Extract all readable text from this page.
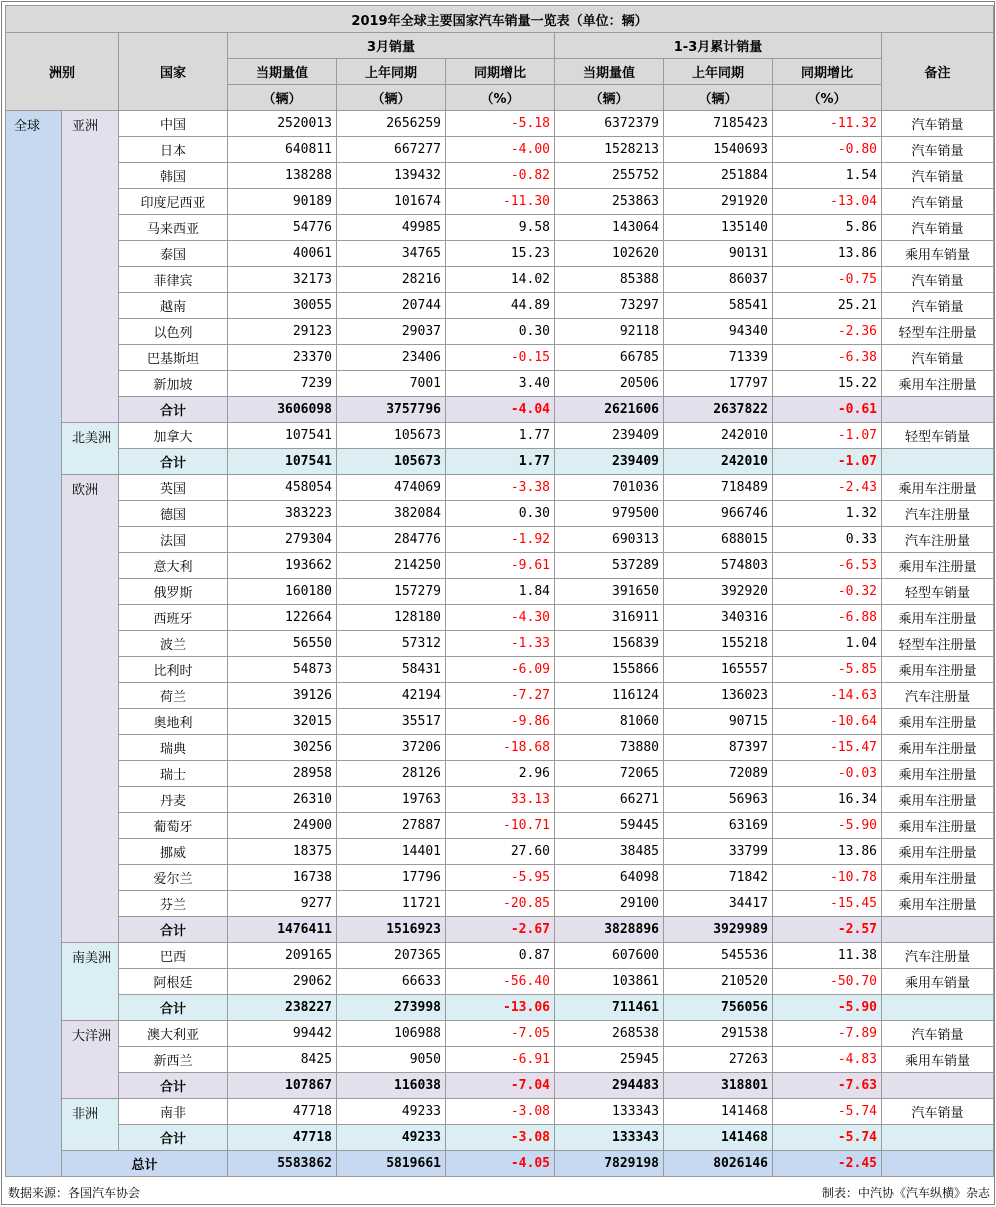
2019年全球主要国家汽车销量一览表（单位：辆）									
洲别		国家	3月销量			1-3月累计销量			备注
			当期量值	上年同期	同期增比	当期量值	上年同期	同期增比	
			（辆）	（辆）	（%）	（辆）	（辆）	（%）	
全球	亚洲	中国	2520013	2656259	-5.18	6372379	7185423	-11.32	汽车销量
		日本	640811	667277	-4.00	1528213	1540693	-0.80	汽车销量
		韩国	138288	139432	-0.82	255752	251884	1.54	汽车销量
		印度尼西亚	90189	101674	-11.30	253863	291920	-13.04	汽车销量
		马来西亚	54776	49985	9.58	143064	135140	5.86	汽车销量
		泰国	40061	34765	15.23	102620	90131	13.86	乘用车销量
		菲律宾	32173	28216	14.02	85388	86037	-0.75	汽车销量
		越南	30055	20744	44.89	73297	58541	25.21	汽车销量
		以色列	29123	29037	0.30	92118	94340	-2.36	轻型车注册量
		巴基斯坦	23370	23406	-0.15	66785	71339	-6.38	汽车销量
		新加坡	7239	7001	3.40	20506	17797	15.22	乘用车注册量
		合计	3606098	3757796	-4.04	2621606	2637822	-0.61	
	北美洲	加拿大	107541	105673	1.77	239409	242010	-1.07	轻型车销量
		合计	107541	105673	1.77	239409	242010	-1.07	
	欧洲	英国	458054	474069	-3.38	701036	718489	-2.43	乘用车注册量
		德国	383223	382084	0.30	979500	966746	1.32	汽车注册量
		法国	279304	284776	-1.92	690313	688015	0.33	汽车注册量
		意大利	193662	214250	-9.61	537289	574803	-6.53	乘用车注册量
		俄罗斯	160180	157279	1.84	391650	392920	-0.32	轻型车销量
		西班牙	122664	128180	-4.30	316911	340316	-6.88	乘用车注册量
		波兰	56550	57312	-1.33	156839	155218	1.04	轻型车注册量
		比利时	54873	58431	-6.09	155866	165557	-5.85	乘用车注册量
		荷兰	39126	42194	-7.27	116124	136023	-14.63	汽车注册量
		奥地利	32015	35517	-9.86	81060	90715	-10.64	乘用车注册量
		瑞典	30256	37206	-18.68	73880	87397	-15.47	乘用车注册量
		瑞士	28958	28126	2.96	72065	72089	-0.03	乘用车注册量
		丹麦	26310	19763	33.13	66271	56963	16.34	乘用车注册量
		葡萄牙	24900	27887	-10.71	59445	63169	-5.90	乘用车注册量
		挪威	18375	14401	27.60	38485	33799	13.86	乘用车注册量
		爱尔兰	16738	17796	-5.95	64098	71842	-10.78	乘用车注册量
		芬兰	9277	11721	-20.85	29100	34417	-15.45	乘用车注册量
		合计	1476411	1516923	-2.67	3828896	3929989	-2.57	
	南美洲	巴西	209165	207365	0.87	607600	545536	11.38	汽车注册量
		阿根廷	29062	66633	-56.40	103861	210520	-50.70	乘用车销量
		合计	238227	273998	-13.06	711461	756056	-5.90	
	大洋洲	澳大利亚	99442	106988	-7.05	268538	291538	-7.89	汽车销量
		新西兰	8425	9050	-6.91	25945	27263	-4.83	乘用车销量
		合计	107867	116038	-7.04	294483	318801	-7.63	
	非洲	南非	47718	49233	-3.08	133343	141468	-5.74	汽车销量
		合计	47718	49233	-3.08	133343	141468	-5.74	
	总计		5583862	5819661	-4.05	7829198	8026146	-2.45	
数据来源：各国汽车协会	制表：中汽协《汽车纵横》杂志
